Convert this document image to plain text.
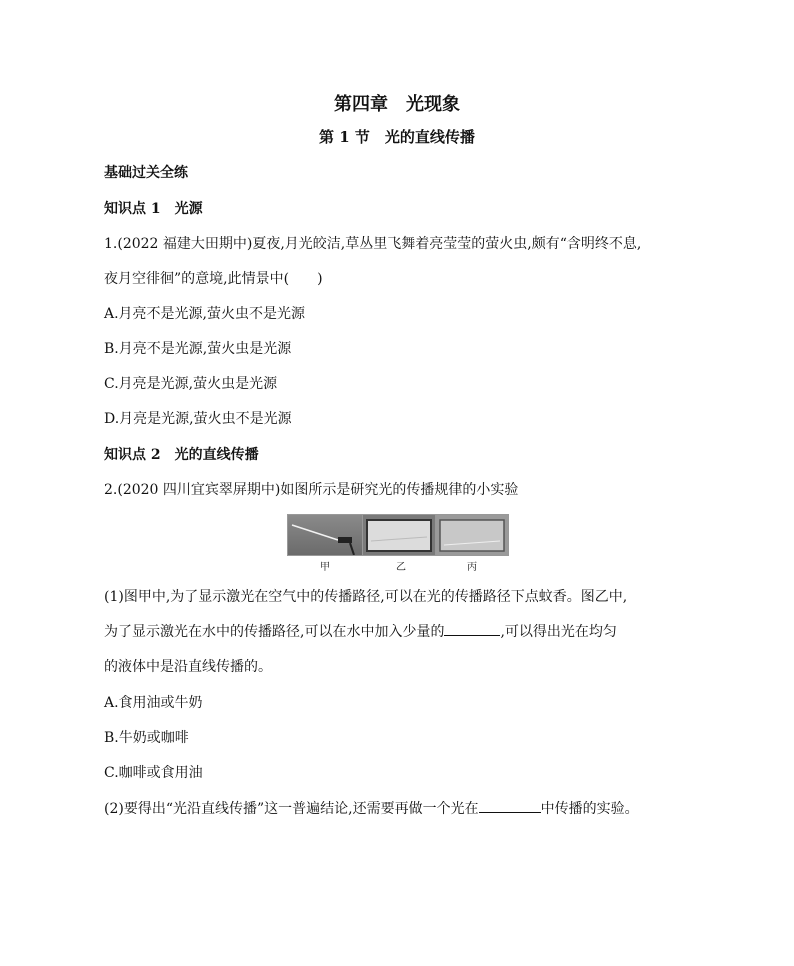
第四章　光现象
第 1 节　光的直线传播
基础过关全练
知识点 1　光源
1.(2022 福建大田期中)夏夜,月光皎洁,草丛里飞舞着亮莹莹的萤火虫,颇有“含明终不息,
夜月空徘徊”的意境,此情景中(　　)
A.月亮不是光源,萤火虫不是光源
B.月亮不是光源,萤火虫是光源
C.月亮是光源,萤火虫是光源
D.月亮是光源,萤火虫不是光源
知识点 2　光的直线传播
2.(2020 四川宜宾翠屏期中)如图所示是研究光的传播规律的小实验
甲	乙	丙
(1)图甲中,为了显示激光在空气中的传播路径,可以在光的传播路径下点蚊香。图乙中,
为了显示激光在水中的传播路径,可以在水中加入少量的	,可以得出光在均匀
的液体中是沿直线传播的。
A.食用油或牛奶
B.牛奶或咖啡
C.咖啡或食用油
(2)要得出“光沿直线传播”这一普遍结论,还需要再做一个光在	中传播的实验。
